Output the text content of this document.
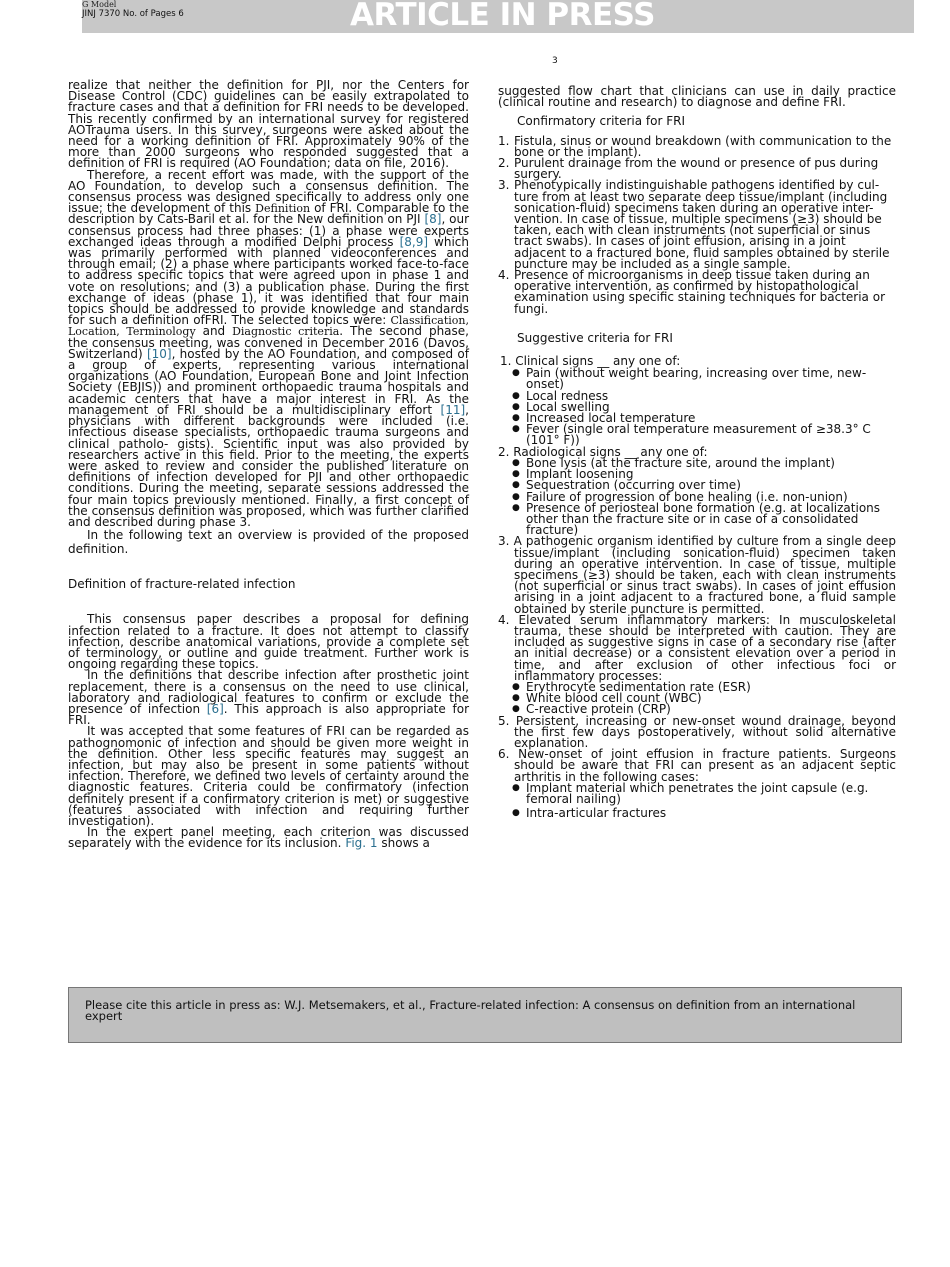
G Model
JINJ 7370 No. of Pages 6	ARTICLE IN PRESS
3

realize that neither the definition for PJI, nor the Centers for Disease Control (CDC) guidelines can be easily extrapolated to fracture cases and that a definition for FRI needs to be developed. This recently confirmed by an international survey for registered AOTrauma users. In this survey, surgeons were asked about the need for a working definition of FRI. Approximately 90% of the more than 2000 surgeons who responded suggested that a definition of FRI is required (AO Foundation; data on file, 2016).

Therefore, a recent effort was made, with the support of the AO Foundation, to develop such a consensus definition. The consensus process was designed specifically to address only one issue; the development of this Definition of FRI. Comparable to the description by Cats-Baril et al. for the New definition on PJI [8], our consensus process had three phases: (1) a phase were experts exchanged ideas through a modified Delphi process [8,9] which was primarily performed with planned videoconferences and through email; (2) a phase where participants worked face-to-face to address specific topics that were agreed upon in phase 1 and vote on resolutions; and (3) a publication phase. During the first exchange of ideas (phase 1), it was identified that four main topics should be addressed to provide knowledge and standards for such a definition ofFRI. The selected topics were: Classification, Location, Terminology and Diagnostic criteria. The second phase, the consensus meeting, was convened in December 2016 (Davos, Switzerland) [10], hosted by the AO Foundation, and composed of a group of experts, representing various international organizations (AO Foundation, European Bone and Joint Infection Society (EBJIS)) and prominent orthopaedic trauma hospitals and academic centers that have a major interest in FRI. As the management of FRI should be a multidisciplinary effort [11], physicians with different backgrounds were included (i.e. infectious disease specialists, orthopaedic trauma surgeons and clinical patholo- gists). Scientific input was also provided by researchers active in this field. Prior to the meeting, the experts were asked to review and consider the published literature on definitions of infection developed for PJI and other orthopaedic conditions. During the meeting, separate sessions addressed the four main topics previously mentioned. Finally, a first concept of the consensus definition was proposed, which was further clarified and described during phase 3.

In the following text an overview is provided of the proposed definition.

Definition of fracture-related infection

This consensus paper describes a proposal for defining infection related to a fracture. It does not attempt to classify infection, describe anatomical variations, provide a complete set of terminology, or outline and guide treatment. Further work is ongoing regarding these topics.

In the definitions that describe infection after prosthetic joint replacement, there is a consensus on the need to use clinical, laboratory and radiological features to confirm or exclude the presence of infection [6]. This approach is also appropriate for FRI.

It was accepted that some features of FRI can be regarded as pathognomonic of infection and should be given more weight in the definition. Other less specific features may suggest an infection, but may also be present in some patients without infection. Therefore, we defined two levels of certainty around the diagnostic features. Criteria could be confirmatory (infection definitely present if a confirmatory criterion is met) or suggestive (features associated with infection and requiring further investigation).

In the expert panel meeting, each criterion was discussed separately with the evidence for its inclusion. Fig. 1 shows a

suggested flow chart that clinicians can use in daily practice (clinical routine and research) to diagnose and define FRI.

Confirmatory criteria for FRI

1. Fistula, sinus or wound breakdown (with communication to the bone or the implant).
2. Purulent drainage from the wound or presence of pus during surgery.
3. Phenotypically indistinguishable pathogens identified by cul- ture from at least two separate deep tissue/implant (including sonication-fluid) specimens taken during an operative inter- vention. In case of tissue, multiple specimens (≥3) should be taken, each with clean instruments (not superficial or sinus tract swabs). In cases of joint effusion, arising in a joint adjacent to a fractured bone, fluid samples obtained by sterile puncture may be included as a single sample.
4. Presence of microorganisms in deep tissue taken during an operative intervention, as confirmed by histopathological examination using specific staining techniques for bacteria or fungi.

Suggestive criteria for FRI

1. Clinical signs __ any one of:

● Pain (without weight bearing, increasing over time, new- onset)
● Local redness
● Local swelling
● Increased local temperature
● Fever (single oral temperature measurement of ≥38.3° C (101° F))

2. Radiological signs __ any one of:

● Bone lysis (at the fracture site, around the implant)
● Implant loosening
● Sequestration (occurring over time)
● Failure of progression of bone healing (i.e. non-union)
● Presence of periosteal bone formation (e.g. at localizations other than the fracture site or in case of a consolidated fracture)

3. A pathogenic organism identified by culture from a single deep tissue/implant (including sonication-fluid) specimen taken during an operative intervention. In case of tissue, multiple specimens (≥3) should be taken, each with clean instruments (not superficial or sinus tract swabs). In cases of joint effusion arising in a joint adjacent to a fractured bone, a fluid sample obtained by sterile puncture is permitted.

4. Elevated serum inflammatory markers: In musculoskeletal trauma, these should be interpreted with caution. They are included as suggestive signs in case of a secondary rise (after an initial decrease) or a consistent elevation over a period in time, and after exclusion of other infectious foci or inflammatory processes:

● Erythrocyte sedimentation rate (ESR)
● White blood cell count (WBC)
● C-reactive protein (CRP)

5. Persistent, increasing or new-onset wound drainage, beyond the first few days postoperatively, without solid alternative explanation.

6. New-onset of joint effusion in fracture patients. Surgeons should be aware that FRI can present as an adjacent septic arthritis in the following cases:

● Implant material which penetrates the joint capsule (e.g. femoral nailing)
● Intra-articular fractures
Please cite this article in press as: W.J. Metsemakers, et al., Fracture-related infection: A consensus on definition from an international expert
